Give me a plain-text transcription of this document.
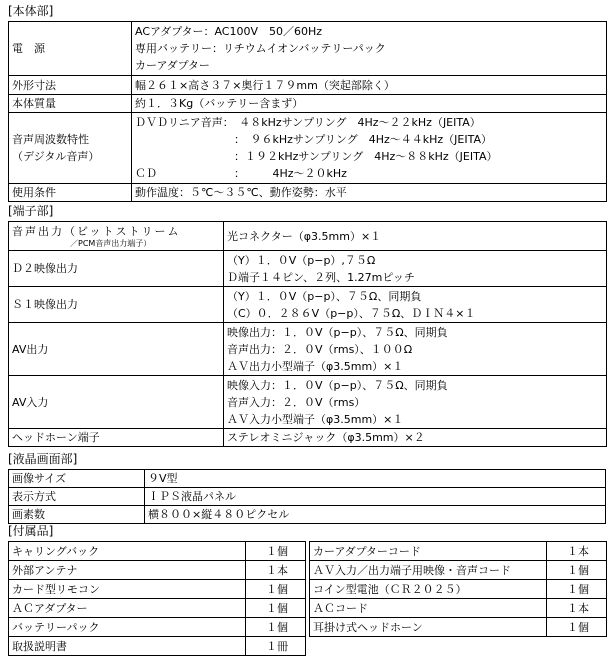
[本体部]
電　源	ACアダプター：AC100V　50／60Hz
専用バッテリー：リチウムイオンバッテリーパック
カーアダプター

外形寸法	幅２６１×高さ３７×奥行１７９mm（突起部除く）
本体質量	約１．３Kg（バッテリー含まず）

音声周波数特性
（デジタル音声）	ＤＶＤリニア音声：　４８kHzサンプリング　4Hz〜２２kHz（JEITA）
　　　　　　　　　：　９６kHzサンプリング　4Hz〜４４kHz（JEITA）
　　　　　　　　　：１９２kHzサンプリング　4Hz〜８８kHz（JEITA）
ＣＤ　　　　　　　：　　　4Hz〜２０kHz

使用条件	動作温度：５℃〜３５℃、動作姿勢：水平
[端子部]
音声出力（ビットストリーム
／PCM音声出力端子）	光コネクター（φ3.5mm）×１
Ｄ２映像出力	（Y）１．０V（p−p）,７５Ω
Ｄ端子１４ピン、２列、1.27mピッチ

Ｓ１映像出力	（Y）１．０V（p−p）、７５Ω、同期負
（C）０．２８６V（p−p）、７５Ω、ＤＩＮ４×１

AV出力	映像出力：１．０V（p−p）、７５Ω、同期負
音声出力：２．０V（rms）、１００Ω
ＡＶ出力小型端子（φ3.5mm）×１

AV入力	映像入力：１．０V（p−p）、７５Ω、同期負
音声入力：２．０V（rms）
ＡＶ入力小型端子（φ3.5mm）×１

ヘッドホーン端子	ステレオミニジャック（φ3.5mm）×２
[液晶画面部]
画像サイズ	９V型
表示方式	ＩＰＳ液晶パネル
画素数	横８００×縦４８０ピクセル
[付属品]
キャリングバック	１個
外部アンテナ	１本
カード型リモコン	１個
ＡＣアダプター	１個
バッテリーパック	１個
取扱説明書	１冊
カーアダプターコード	１本
ＡＶ入力／出力端子用映像・音声コード	１個
コイン型電池（ＣＲ２０２５）	１個
ＡＣコード	１本
耳掛け式ヘッドホーン	１個
